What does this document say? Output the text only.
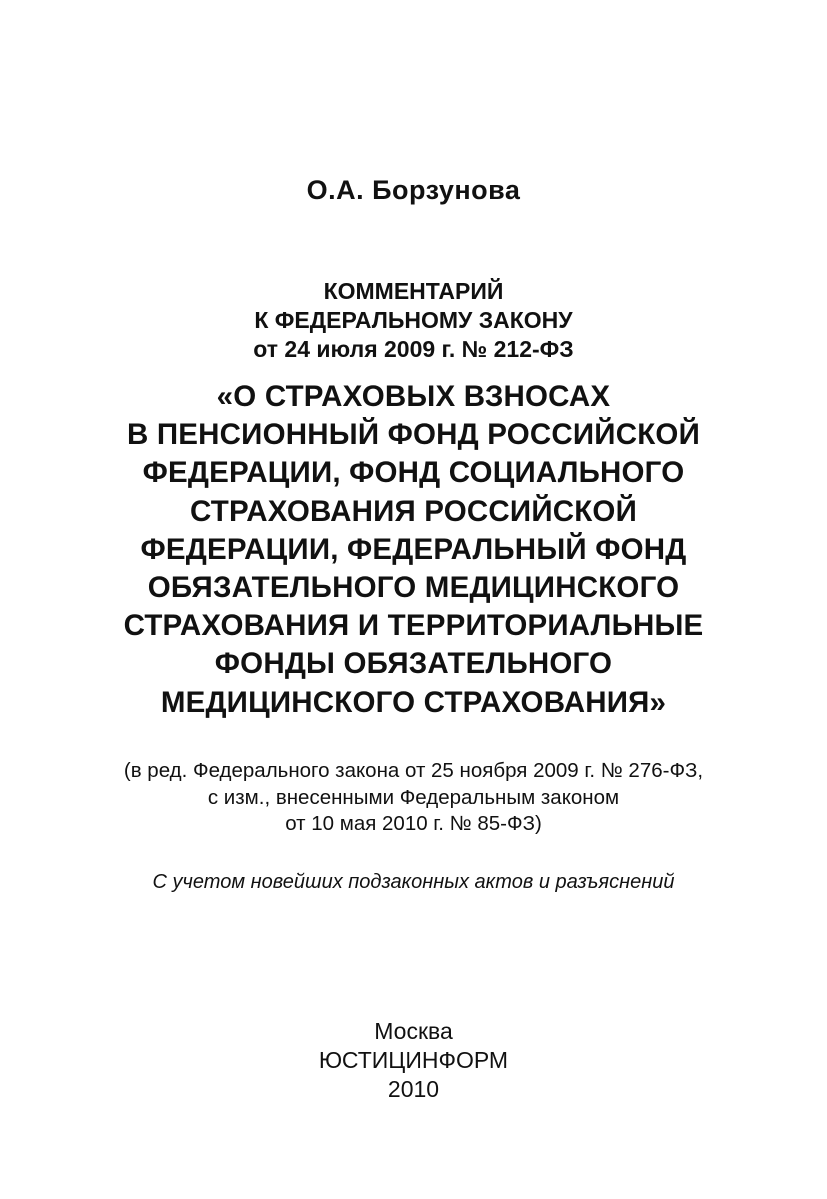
О.А. Борзунова
КОММЕНТАРИЙ
К ФЕДЕРАЛЬНОМУ ЗАКОНУ
от 24 июля 2009 г. № 212-ФЗ
«О СТРАХОВЫХ ВЗНОСАХ
В ПЕНСИОННЫЙ ФОНД РОССИЙСКОЙ
ФЕДЕРАЦИИ, ФОНД СОЦИАЛЬНОГО
СТРАХОВАНИЯ РОССИЙСКОЙ
ФЕДЕРАЦИИ, ФЕДЕРАЛЬНЫЙ ФОНД
ОБЯЗАТЕЛЬНОГО МЕДИЦИНСКОГО
СТРАХОВАНИЯ И ТЕРРИТОРИАЛЬНЫЕ
ФОНДЫ ОБЯЗАТЕЛЬНОГО
МЕДИЦИНСКОГО СТРАХОВАНИЯ»
(в ред. Федерального закона от 25 ноября 2009 г. № 276-ФЗ,
с изм., внесенными Федеральным законом
от 10 мая 2010 г. № 85-ФЗ)
С учетом новейших подзаконных актов и разъяснений
Москва
ЮСТИЦИНФОРМ
2010
